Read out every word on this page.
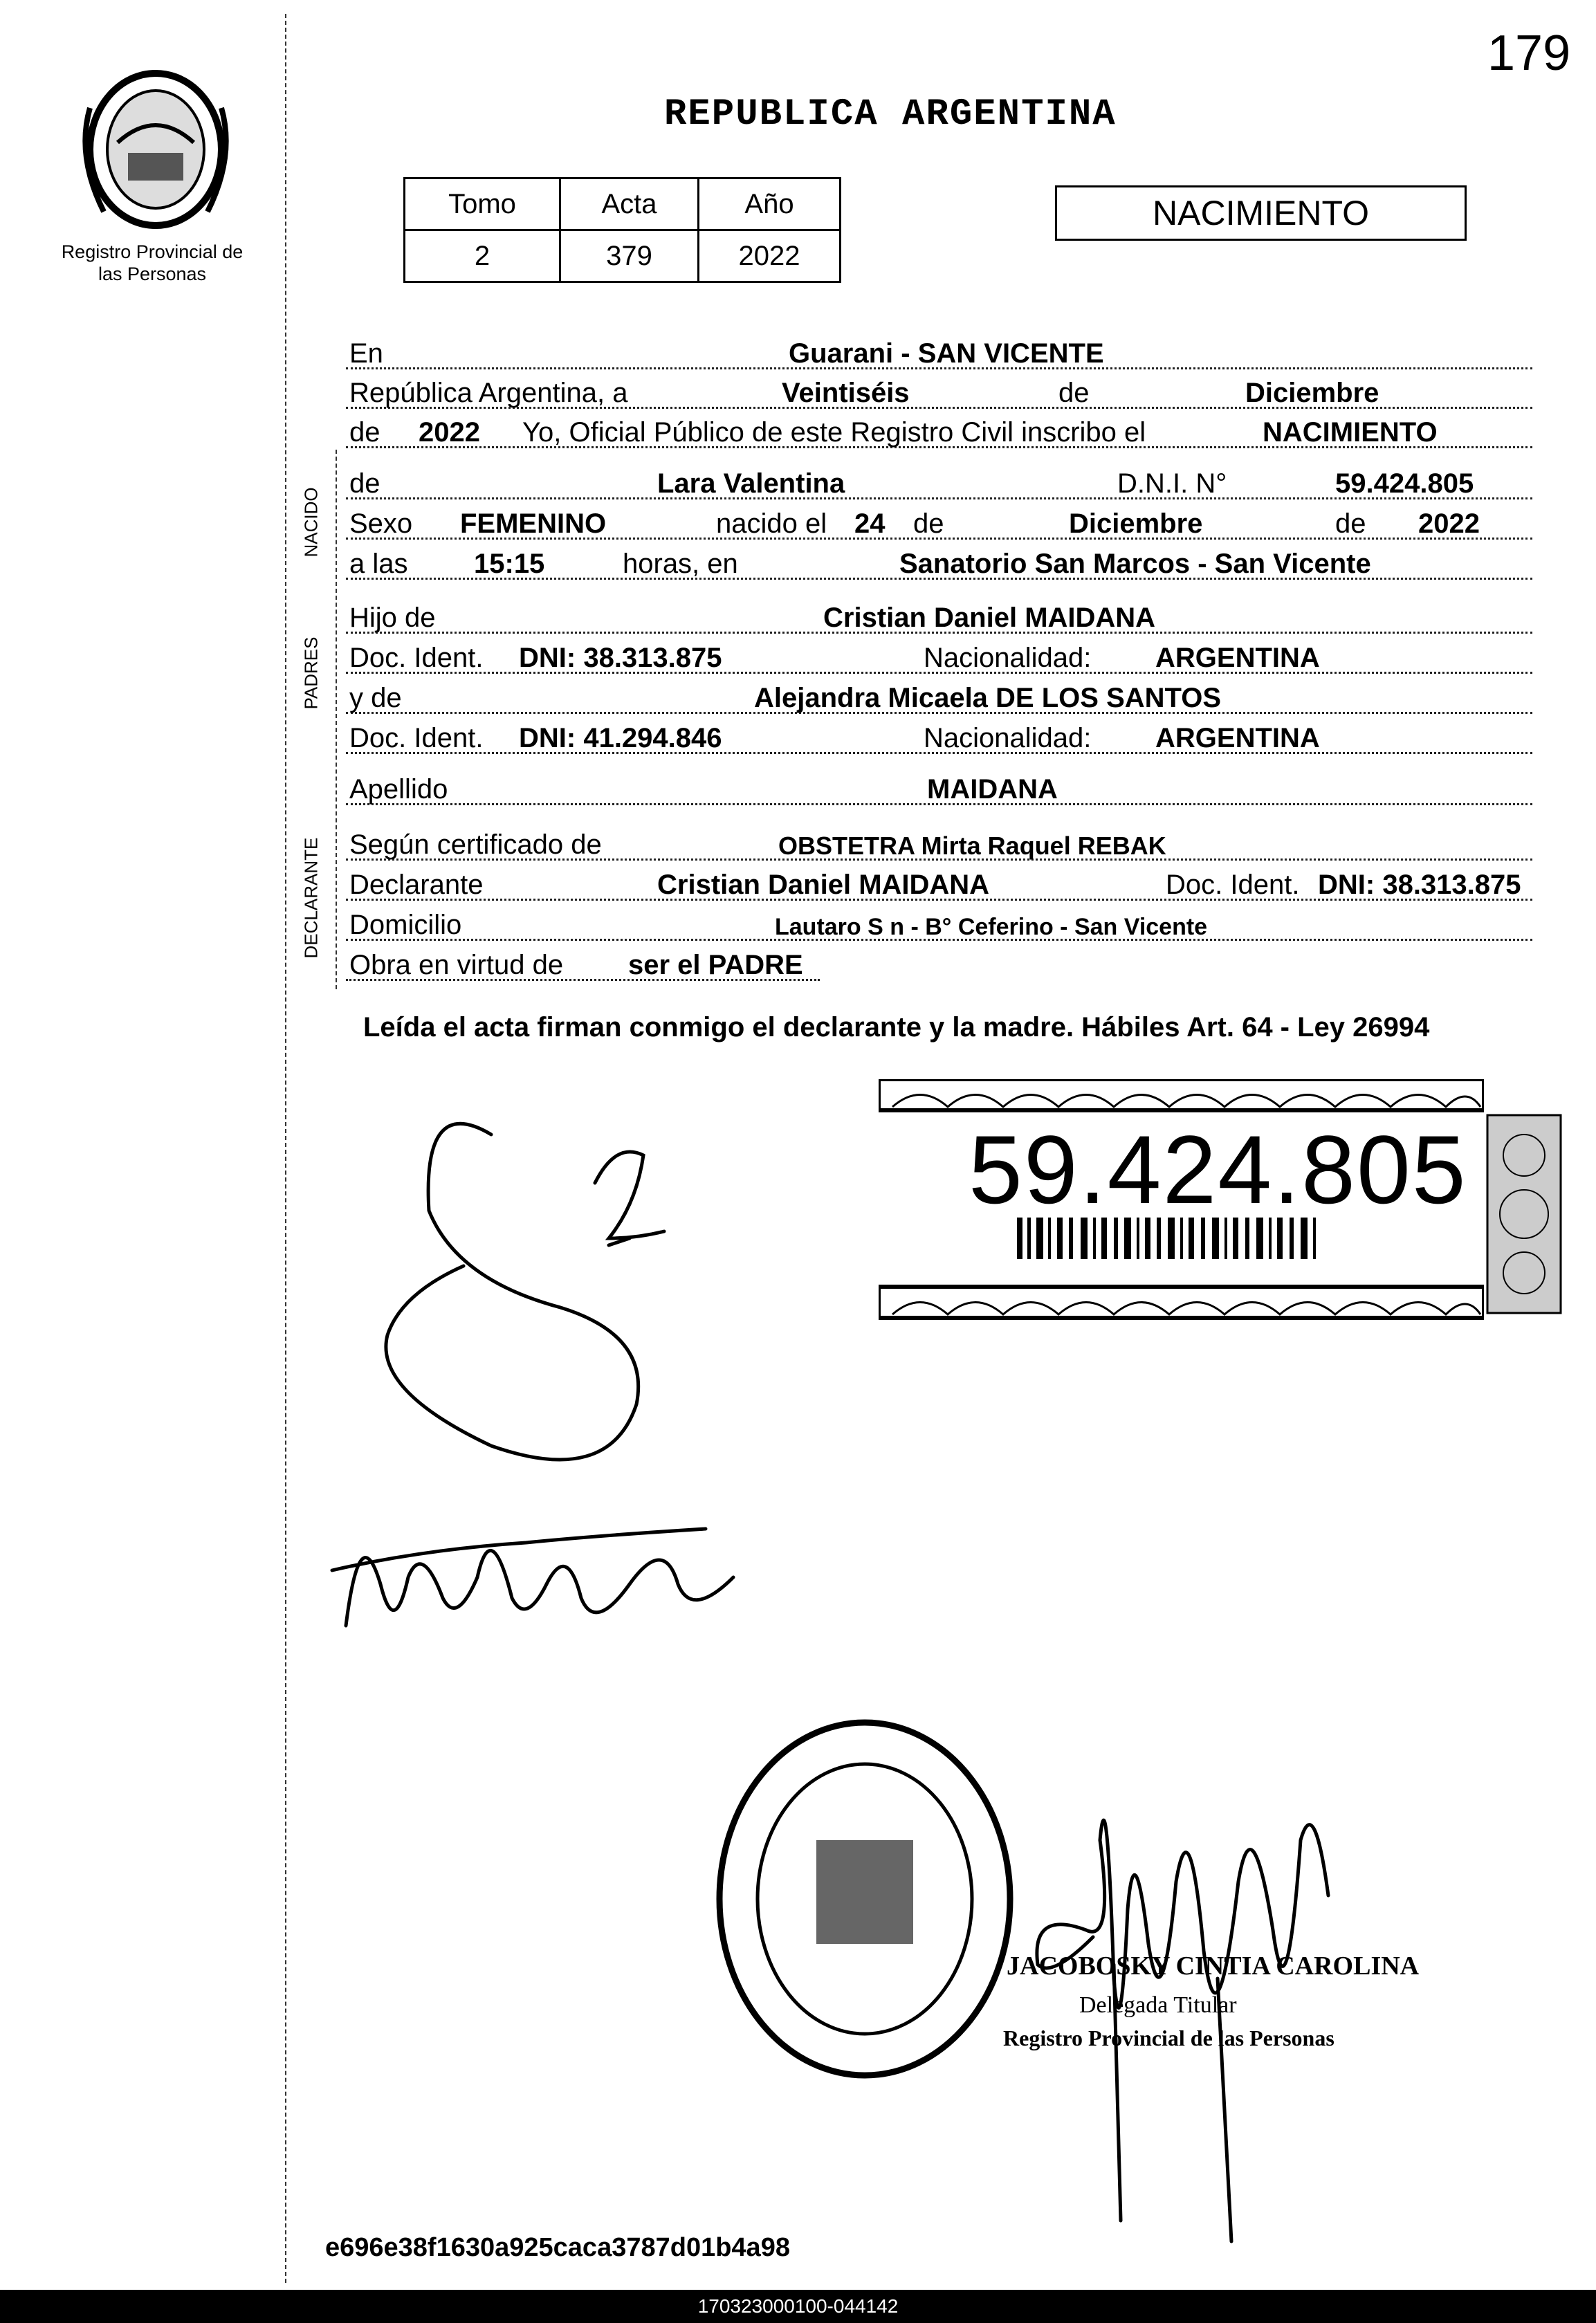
179
Registro Provincial de las Personas
REPUBLICA ARGENTINA
Tomo	Acta	Año
2	379	2022
NACIMIENTO
NACIDO
PADRES
DECLARANTE
En	Guarani - SAN VICENTE
República Argentina, a	Veintiséis	de	Diciembre
de 2022 Yo, Oficial Público de este Registro Civil inscribo el	NACIMIENTO
de	Lara Valentina	D.N.I. N°	59.424.805
Sexo FEMENINO	nacido el 24 de	Diciembre	de 2022
a las 15:15	horas, en	Sanatorio San Marcos - San Vicente
Hijo de	Cristian Daniel MAIDANA
Doc. Ident. DNI: 38.313.875	Nacionalidad: ARGENTINA
y de	Alejandra Micaela DE LOS SANTOS
Doc. Ident. DNI: 41.294.846	Nacionalidad: ARGENTINA
Apellido	MAIDANA
Según certificado de	OBSTETRA Mirta Raquel REBAK
Declarante	Cristian Daniel MAIDANA	Doc. Ident. DNI: 38.313.875
Domicilio	Lautaro S n - B° Ceferino - San Vicente
Obra en virtud de ser el PADRE
Leída el acta firman conmigo el declarante y la madre. Hábiles Art. 64 - Ley 26994
59.424.805
JACOBOSKY CINTIA CAROLINA
Delegada Titular
Registro Provincial de las Personas
e696e38f1630a925caca3787d01b4a98
170323000100-044142
